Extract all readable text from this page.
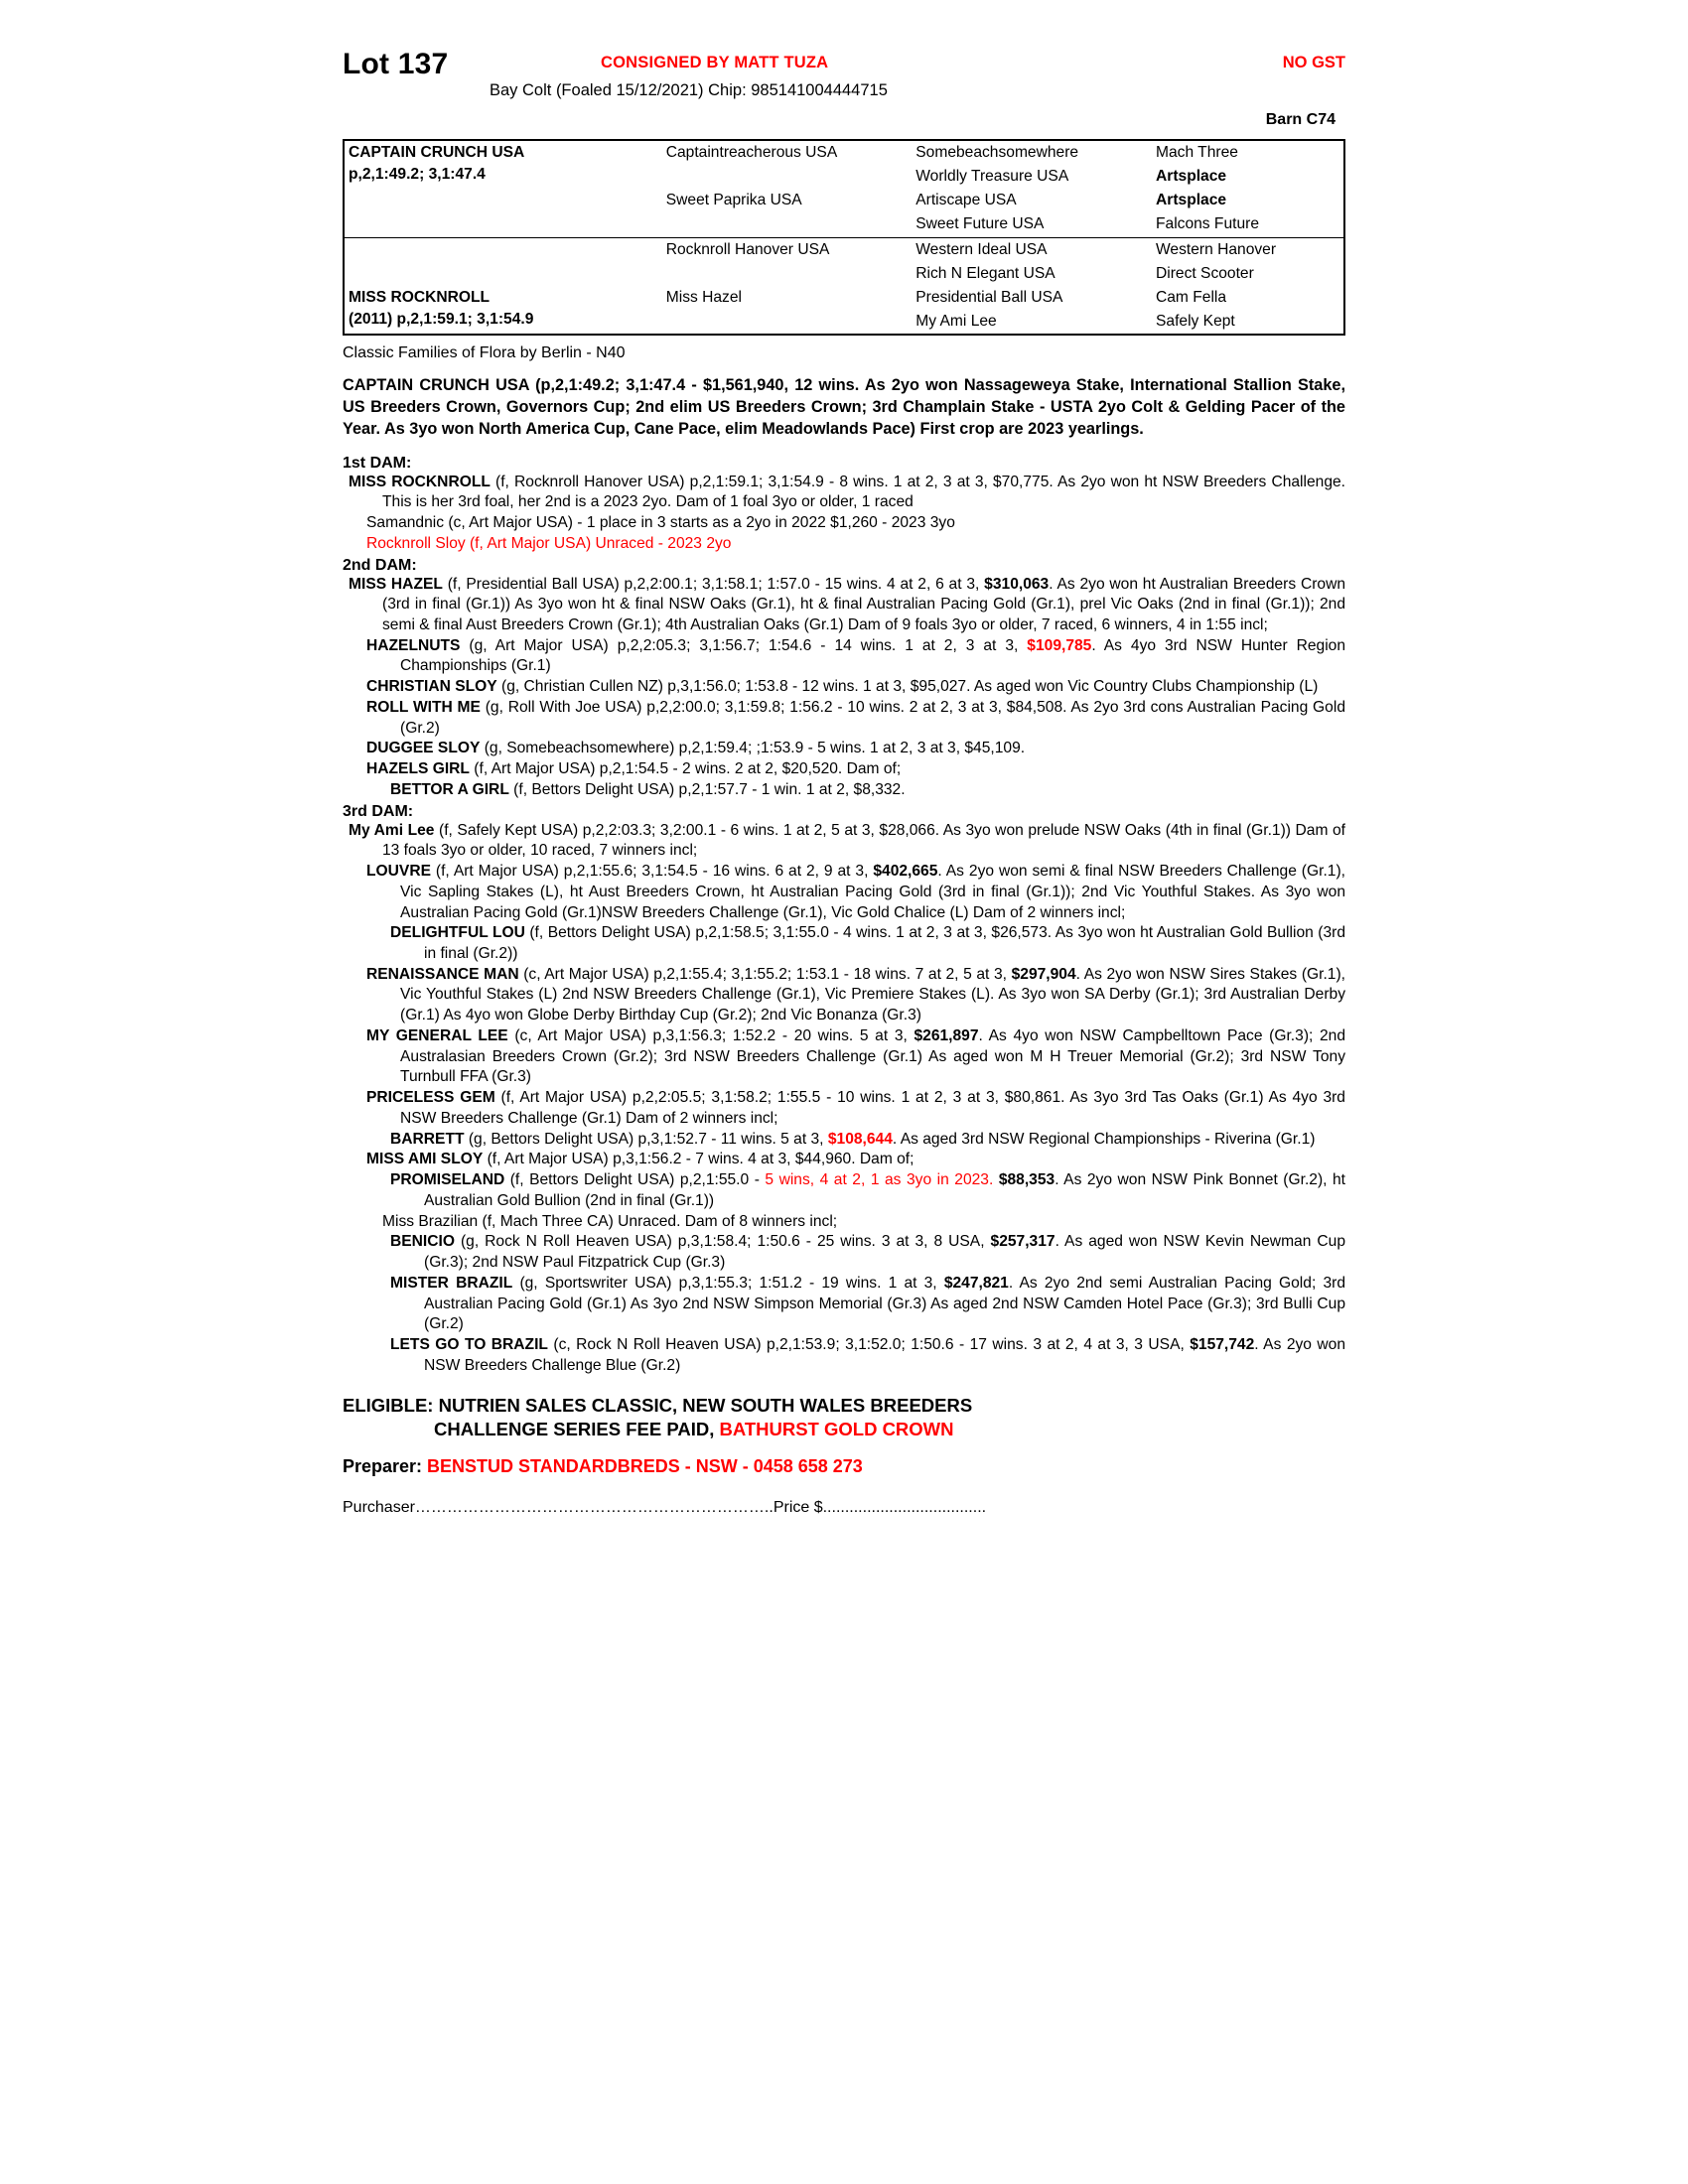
Lot 137	CONSIGNED BY MATT TUZA	NO GST
Bay Colt (Foaled 15/12/2021) Chip: 985141004444715
Barn C74
CAPTAIN CRUNCH USA
p,2,1:49.2; 3,1:47.4	Captaintreacherous USA	Somebeachsomewhere	Mach Three
		Worldly Treasure USA	Artsplace
	Sweet Paprika USA	Artiscape USA	Artsplace
		Sweet Future USA	Falcons Future

	Rocknroll Hanover USA	Western Ideal USA	Western Hanover
		Rich N Elegant USA	Direct Scooter
MISS ROCKNROLL
(2011) p,2,1:59.1; 3,1:54.9	Miss Hazel	Presidential Ball USA	Cam Fella
		My Ami Lee	Safely Kept
Classic Families of Flora by Berlin - N40
CAPTAIN CRUNCH USA (p,2,1:49.2; 3,1:47.4 - $1,561,940, 12 wins. As 2yo won Nassageweya Stake, International Stallion Stake, US Breeders Crown, Governors Cup; 2nd elim US Breeders Crown; 3rd Champlain Stake - USTA 2yo Colt & Gelding Pacer of the Year. As 3yo won North America Cup, Cane Pace, elim Meadowlands Pace) First crop are 2023 yearlings.
1st DAM:

MISS ROCKNROLL (f, Rocknroll Hanover USA) p,2,1:59.1; 3,1:54.9 - 8 wins. 1 at 2, 3 at 3, $70,775. As 2yo won ht NSW Breeders Challenge. This is her 3rd foal, her 2nd is a 2023 2yo. Dam of 1 foal 3yo or older, 1 raced

Samandnic (c, Art Major USA) - 1 place in 3 starts as a 2yo in 2022 $1,260 - 2023 3yo

Rocknroll Sloy (f, Art Major USA) Unraced - 2023 2yo

2nd DAM:

MISS HAZEL (f, Presidential Ball USA) p,2,2:00.1; 3,1:58.1; 1:57.0 - 15 wins. 4 at 2, 6 at 3, $310,063. As 2yo won ht Australian Breeders Crown (3rd in final (Gr.1)) As 3yo won ht & final NSW Oaks (Gr.1), ht & final Australian Pacing Gold (Gr.1), prel Vic Oaks (2nd in final (Gr.1)); 2nd semi & final Aust Breeders Crown (Gr.1); 4th Australian Oaks (Gr.1) Dam of 9 foals 3yo or older, 7 raced, 6 winners, 4 in 1:55 incl;

HAZELNUTS (g, Art Major USA) p,2,2:05.3; 3,1:56.7; 1:54.6 - 14 wins. 1 at 2, 3 at 3, $109,785. As 4yo 3rd NSW Hunter Region Championships (Gr.1)

CHRISTIAN SLOY (g, Christian Cullen NZ) p,3,1:56.0; 1:53.8 - 12 wins. 1 at 3, $95,027. As aged won Vic Country Clubs Championship (L)

ROLL WITH ME (g, Roll With Joe USA) p,2,2:00.0; 3,1:59.8; 1:56.2 - 10 wins. 2 at 2, 3 at 3, $84,508. As 2yo 3rd cons Australian Pacing Gold (Gr.2)

DUGGEE SLOY (g, Somebeachsomewhere) p,2,1:59.4; ;1:53.9 - 5 wins. 1 at 2, 3 at 3, $45,109.

HAZELS GIRL (f, Art Major USA) p,2,1:54.5 - 2 wins. 2 at 2, $20,520. Dam of;

BETTOR A GIRL (f, Bettors Delight USA) p,2,1:57.7 - 1 win. 1 at 2, $8,332.

3rd DAM:

My Ami Lee (f, Safely Kept USA) p,2,2:03.3; 3,2:00.1 - 6 wins. 1 at 2, 5 at 3, $28,066. As 3yo won prelude NSW Oaks (4th in final (Gr.1)) Dam of 13 foals 3yo or older, 10 raced, 7 winners incl;

LOUVRE (f, Art Major USA) p,2,1:55.6; 3,1:54.5 - 16 wins. 6 at 2, 9 at 3, $402,665. As 2yo won semi & final NSW Breeders Challenge (Gr.1), Vic Sapling Stakes (L), ht Aust Breeders Crown, ht Australian Pacing Gold (3rd in final (Gr.1)); 2nd Vic Youthful Stakes. As 3yo won Australian Pacing Gold (Gr.1)NSW Breeders Challenge (Gr.1), Vic Gold Chalice (L) Dam of 2 winners incl;

DELIGHTFUL LOU (f, Bettors Delight USA) p,2,1:58.5; 3,1:55.0 - 4 wins. 1 at 2, 3 at 3, $26,573. As 3yo won ht Australian Gold Bullion (3rd in final (Gr.2))

RENAISSANCE MAN (c, Art Major USA) p,2,1:55.4; 3,1:55.2; 1:53.1 - 18 wins. 7 at 2, 5 at 3, $297,904. As 2yo won NSW Sires Stakes (Gr.1), Vic Youthful Stakes (L) 2nd NSW Breeders Challenge (Gr.1), Vic Premiere Stakes (L). As 3yo won SA Derby (Gr.1); 3rd Australian Derby (Gr.1) As 4yo won Globe Derby Birthday Cup (Gr.2); 2nd Vic Bonanza (Gr.3)

MY GENERAL LEE (c, Art Major USA) p,3,1:56.3; 1:52.2 - 20 wins. 5 at 3, $261,897. As 4yo won NSW Campbelltown Pace (Gr.3); 2nd Australasian Breeders Crown (Gr.2); 3rd NSW Breeders Challenge (Gr.1) As aged won M H Treuer Memorial (Gr.2); 3rd NSW Tony Turnbull FFA (Gr.3)

PRICELESS GEM (f, Art Major USA) p,2,2:05.5; 3,1:58.2; 1:55.5 - 10 wins. 1 at 2, 3 at 3, $80,861. As 3yo 3rd Tas Oaks (Gr.1) As 4yo 3rd NSW Breeders Challenge (Gr.1) Dam of 2 winners incl;

BARRETT (g, Bettors Delight USA) p,3,1:52.7 - 11 wins. 5 at 3, $108,644. As aged 3rd NSW Regional Championships - Riverina (Gr.1)

MISS AMI SLOY (f, Art Major USA) p,3,1:56.2 - 7 wins. 4 at 3, $44,960. Dam of;

PROMISELAND (f, Bettors Delight USA) p,2,1:55.0 - 5 wins, 4 at 2, 1 as 3yo in 2023. $88,353. As 2yo won NSW Pink Bonnet (Gr.2), ht Australian Gold Bullion (2nd in final (Gr.1))

Miss Brazilian (f, Mach Three CA) Unraced. Dam of 8 winners incl;

BENICIO (g, Rock N Roll Heaven USA) p,3,1:58.4; 1:50.6 - 25 wins. 3 at 3, 8 USA, $257,317. As aged won NSW Kevin Newman Cup (Gr.3); 2nd NSW Paul Fitzpatrick Cup (Gr.3)

MISTER BRAZIL (g, Sportswriter USA) p,3,1:55.3; 1:51.2 - 19 wins. 1 at 3, $247,821. As 2yo 2nd semi Australian Pacing Gold; 3rd Australian Pacing Gold (Gr.1) As 3yo 2nd NSW Simpson Memorial (Gr.3) As aged 2nd NSW Camden Hotel Pace (Gr.3); 3rd Bulli Cup (Gr.2)

LETS GO TO BRAZIL (c, Rock N Roll Heaven USA) p,2,1:53.9; 3,1:52.0; 1:50.6 - 17 wins. 3 at 2, 4 at 3, 3 USA, $157,742. As 2yo won NSW Breeders Challenge Blue (Gr.2)

ELIGIBLE: NUTRIEN SALES CLASSIC, NEW SOUTH WALES BREEDERS
CHALLENGE SERIES FEE PAID, BATHURST GOLD CROWN
Preparer: BENSTUD STANDARDBREDS - NSW - 0458 658 273
Purchaser…………………………………………………………..Price $.....................................
